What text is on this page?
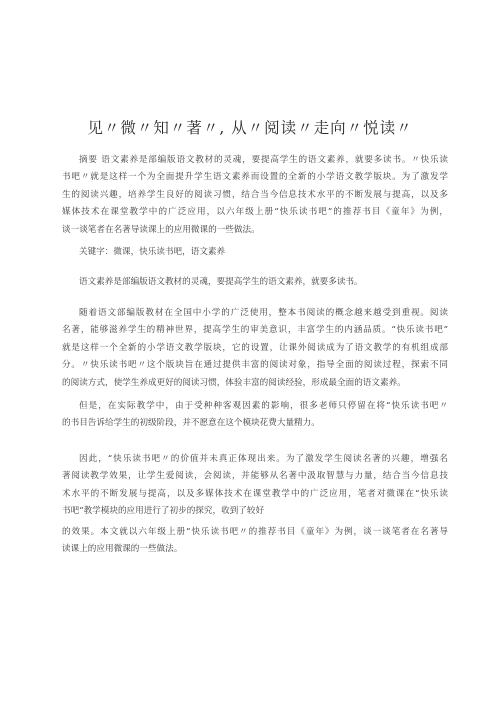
见〃微〃知〃著〃, 从〃阅读〃走向〃悦读〃
摘要 语文素养是部编版语文教材的灵魂，要提高学生的语文素养，就要多读书。〃快乐读
书吧〃就是这样一个为全面提升学生语文素养而设置的全新的小学语文教学版块。为了激发学
生的阅读兴趣，培养学生良好的阅读习惯，结合当今信息技术水平的不断发展与提高，以及多
媒体技术在课堂教学中的广泛应用，以六年级上册“快乐读书吧”的推荐书目《童年》为例，
谈一谈笔者在名著导读课上的应用微课的一些做法。
关键字：微课，快乐读书吧，语文素养
语文素养是部编版语文教材的灵魂，要提高学生的语文素养，就要多读书。
随着语文部编版教材在全国中小学的广泛使用，整本书阅读的概念越来越受到重视。阅读
名著，能够滋养学生的精神世界，提高学生的审美意识，丰富学生的内涵品质。“快乐读书吧”
就是这样一个全新的小学语文教学版块，它的设置，让课外阅读成为了语文教学的有机组成部
分。〃快乐读书吧〃这个版块旨在通过提供丰富的阅读对象，指导全面的阅读过程，探索不同
的阅读方式，使学生养成更好的阅读习惯，体验丰富的阅读经验，形成最全面的语文素养。
但是，在实际教学中，由于受种种客观因素的影响，很多老师只停留在将“快乐读书吧〃
的书目告诉给学生的初级阶段，并不愿意在这个模块花费大量精力。
因此，“快乐读书吧〃的价值并未真正体现出来。为了激发学生阅读名著的兴趣，增强名
著阅读教学效果，让学生爱阅读，会阅读，并能够从名著中汲取智慧与力量，结合当今信息技
术水平的不断发展与提高，以及多媒体技术在课堂教学中的广泛应用，笔者对微课在“快乐读
书吧”教学模块的应用进行了初步的探究，收到了较好
的效果。本文就以六年级上册“快乐读书吧〃的推荐书目《童年》为例，谈一谈笔者在名著导
读课上的应用微课的一些做法。
